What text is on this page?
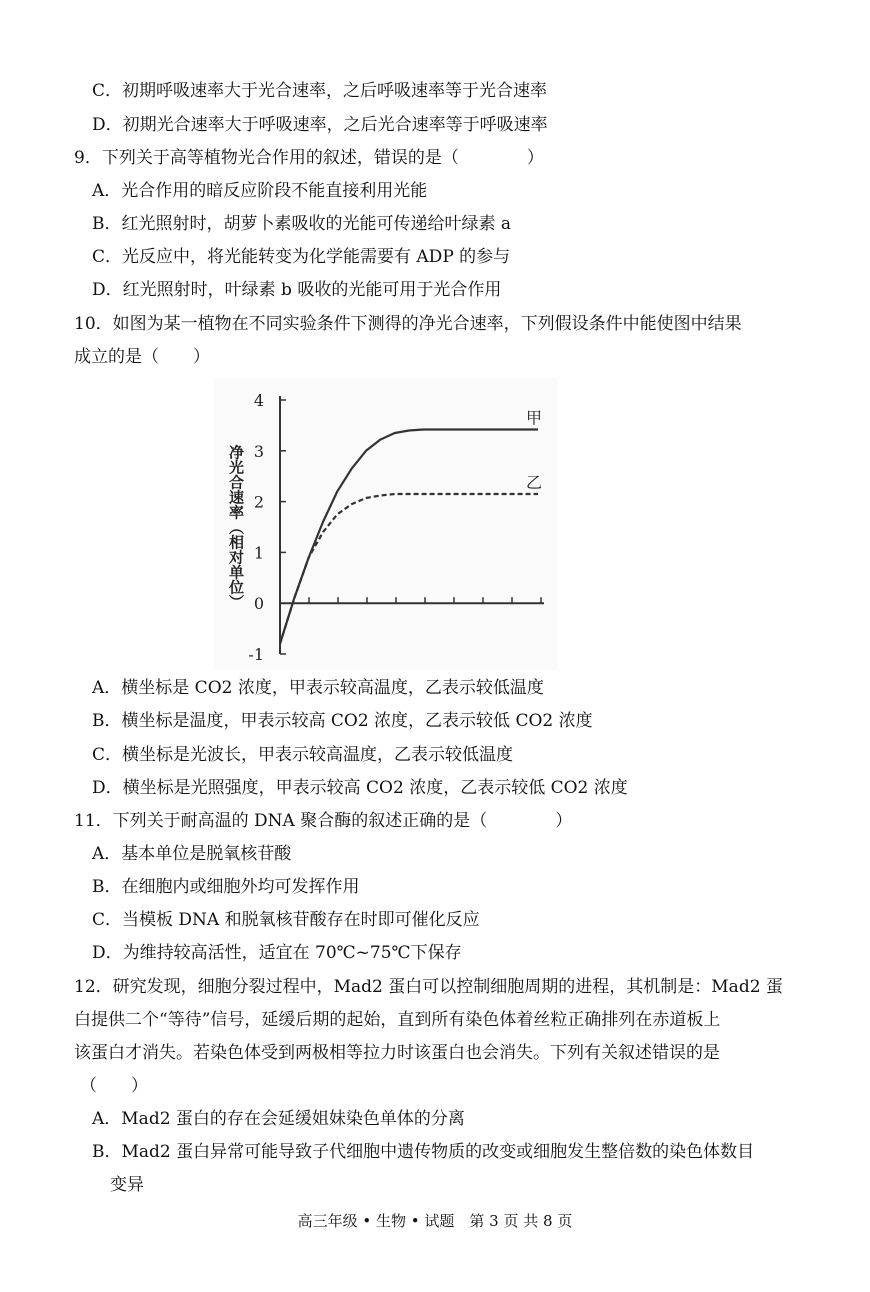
C．初期呼吸速率大于光合速率，之后呼吸速率等于光合速率
D．初期光合速率大于呼吸速率，之后光合速率等于呼吸速率
9．下列关于高等植物光合作用的叙述，错误的是（　　　　）
A．光合作用的暗反应阶段不能直接利用光能
B．红光照射时，胡萝卜素吸收的光能可传递给叶绿素 a
C．光反应中，将光能转变为化学能需要有 ADP 的参与
D．红光照射时，叶绿素 b 吸收的光能可用于光合作用
10．如图为某一植物在不同实验条件下测得的净光合速率，下列假设条件中能使图中结果
成立的是（　　）
4
3
2
1
0
-1
净光合速率（相对单位）
甲
乙
A．横坐标是 CO2 浓度，甲表示较高温度，乙表示较低温度
B．横坐标是温度，甲表示较高 CO2 浓度，乙表示较低 CO2 浓度
C．横坐标是光波长，甲表示较高温度，乙表示较低温度
D．横坐标是光照强度，甲表示较高 CO2 浓度，乙表示较低 CO2 浓度
11．下列关于耐高温的 DNA 聚合酶的叙述正确的是（　　　　）
A．基本单位是脱氧核苷酸
B．在细胞内或细胞外均可发挥作用
C．当模板 DNA 和脱氧核苷酸存在时即可催化反应
D．为维持较高活性，适宜在 70℃~75℃下保存
12．研究发现，细胞分裂过程中，Mad2 蛋白可以控制细胞周期的进程，其机制是：Mad2 蛋
白提供二个“等待”信号，延缓后期的起始，直到所有染色体着丝粒正确排列在赤道板上
该蛋白才消失。若染色体受到两极相等拉力时该蛋白也会消失。下列有关叙述错误的是
（　　）
A．Mad2 蛋白的存在会延缓姐妹染色单体的分离
B．Mad2 蛋白异常可能导致子代细胞中遗传物质的改变或细胞发生整倍数的染色体数目
变异
高三年级 • 生物 • 试题　第 3 页 共 8 页
